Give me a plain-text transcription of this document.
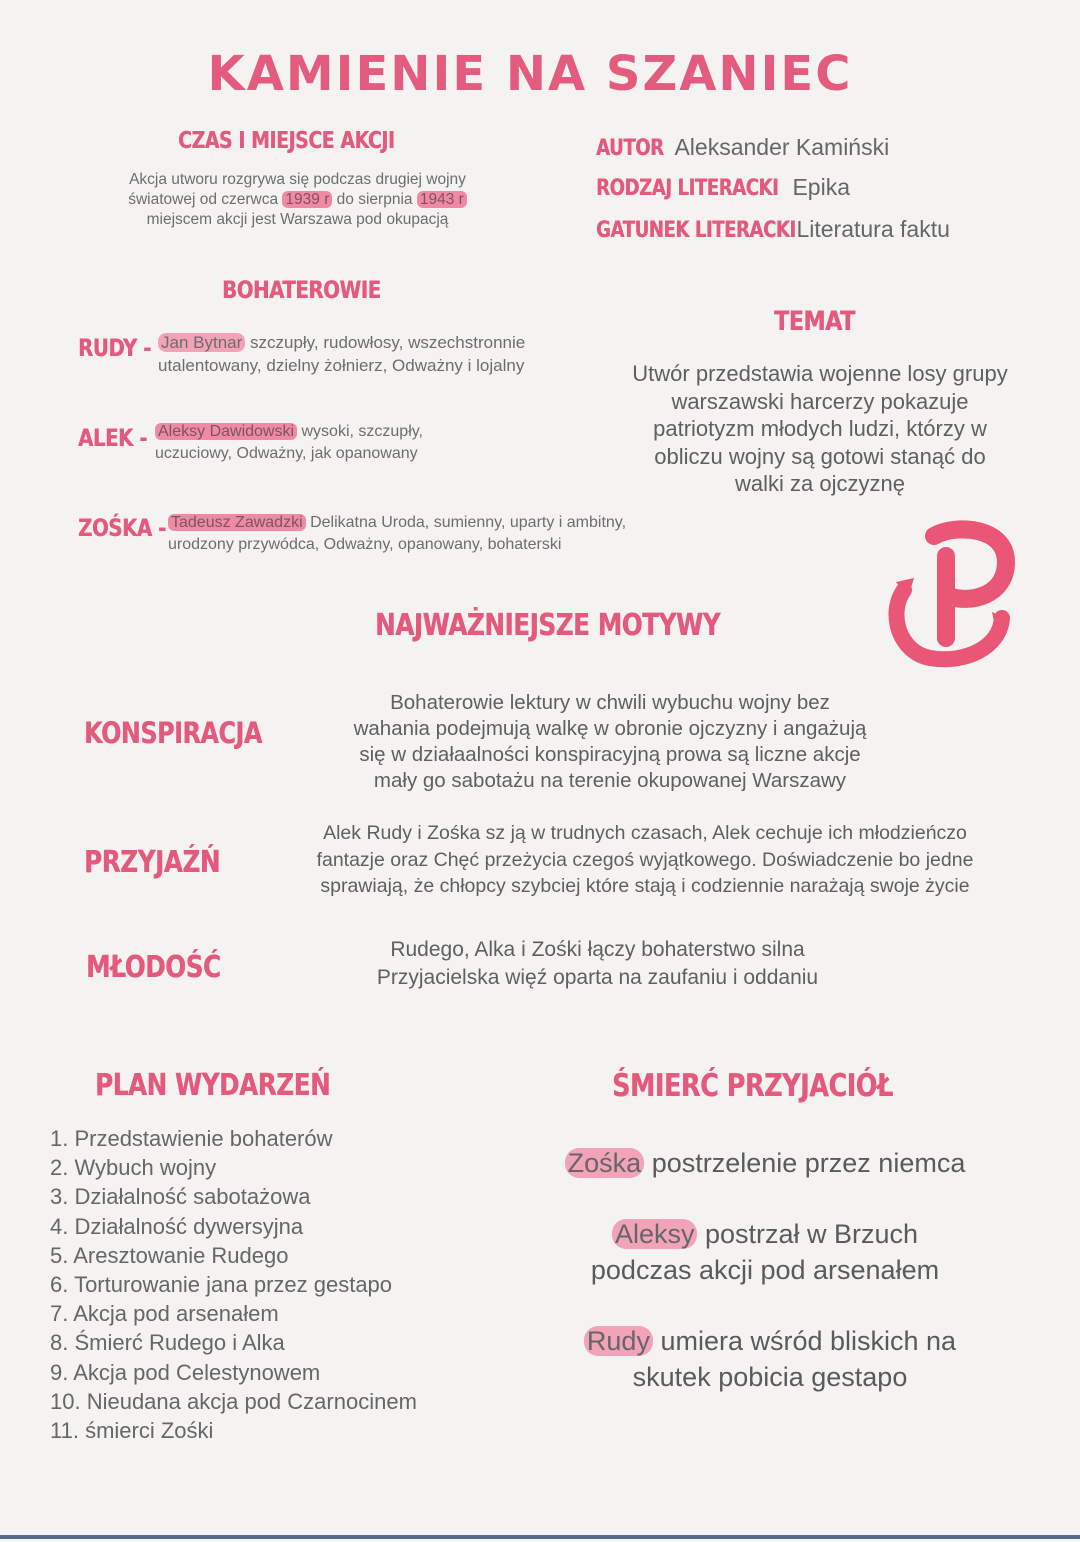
KAMIENIE NA SZANIEC
CZAS I MIEJSCE AKCJI
Akcja utworu rozgrywa się podczas drugiej wojny
światowej od czerwca 1939 r do sierpnia 1943 r
miejscem akcji jest Warszawa pod okupacją
AUTOR Aleksander Kamiński
RODZAJ LITERACKI Epika
GATUNEK LITERACKI Literatura faktu
BOHATEROWIE
RUDY - Jan Bytnar szczupły, rudowłosy, wszechstronnie
utalentowany, dzielny żołnierz, Odważny i lojalny
ALEK - Aleksy Dawidowski wysoki, szczupły,
uczuciowy, Odważny, jak opanowany
ZOŚKA - Tadeusz Zawadzki Delikatna Uroda, sumienny, uparty i ambitny,
urodzony przywódca, Odważny, opanowany, bohaterski
TEMAT
Utwór przedstawia wojenne losy grupy
warszawski harcerzy pokazuje
patriotyzm młodych ludzi, którzy w
obliczu wojny są gotowi stanąć do
walki za ojczyznę
NAJWAŻNIEJSZE MOTYWY
KONSPIRACJA
Bohaterowie lektury w chwili wybuchu wojny bez
wahania podejmują walkę w obronie ojczyzny i angażują
się w działaalności konspiracyjną prowa są liczne akcje
mały go sabotażu na terenie okupowanej Warszawy
PRZYJAŹŃ
Alek Rudy i Zośka sz ją w trudnych czasach, Alek cechuje ich młodzieńczo
fantazje oraz Chęć przeżycia czegoś wyjątkowego. Doświadczenie bo jedne
sprawiają, że chłopcy szybciej które stają i codziennie narażają swoje życie
MŁODOŚĆ
Rudego, Alka i Zośki łączy bohaterstwo silna
Przyjacielska więź oparta na zaufaniu i oddaniu
PLAN WYDARZEŃ
1. Przedstawienie bohaterów
2. Wybuch wojny
3. Działalność sabotażowa
4. Działalność dywersyjna
5. Aresztowanie Rudego
6. Torturowanie jana przez gestapo
7. Akcja pod arsenałem
8. Śmierć Rudego i Alka
9. Akcja pod Celestynowem
10. Nieudana akcja pod Czarnocinem
11. śmierci Zośki
ŚMIERĆ PRZYJACIÓŁ
Zośka postrzelenie przez niemca
Aleksy postrzał w Brzuch
podczas akcji pod arsenałem
Rudy umiera wśród bliskich na
skutek pobicia gestapo
